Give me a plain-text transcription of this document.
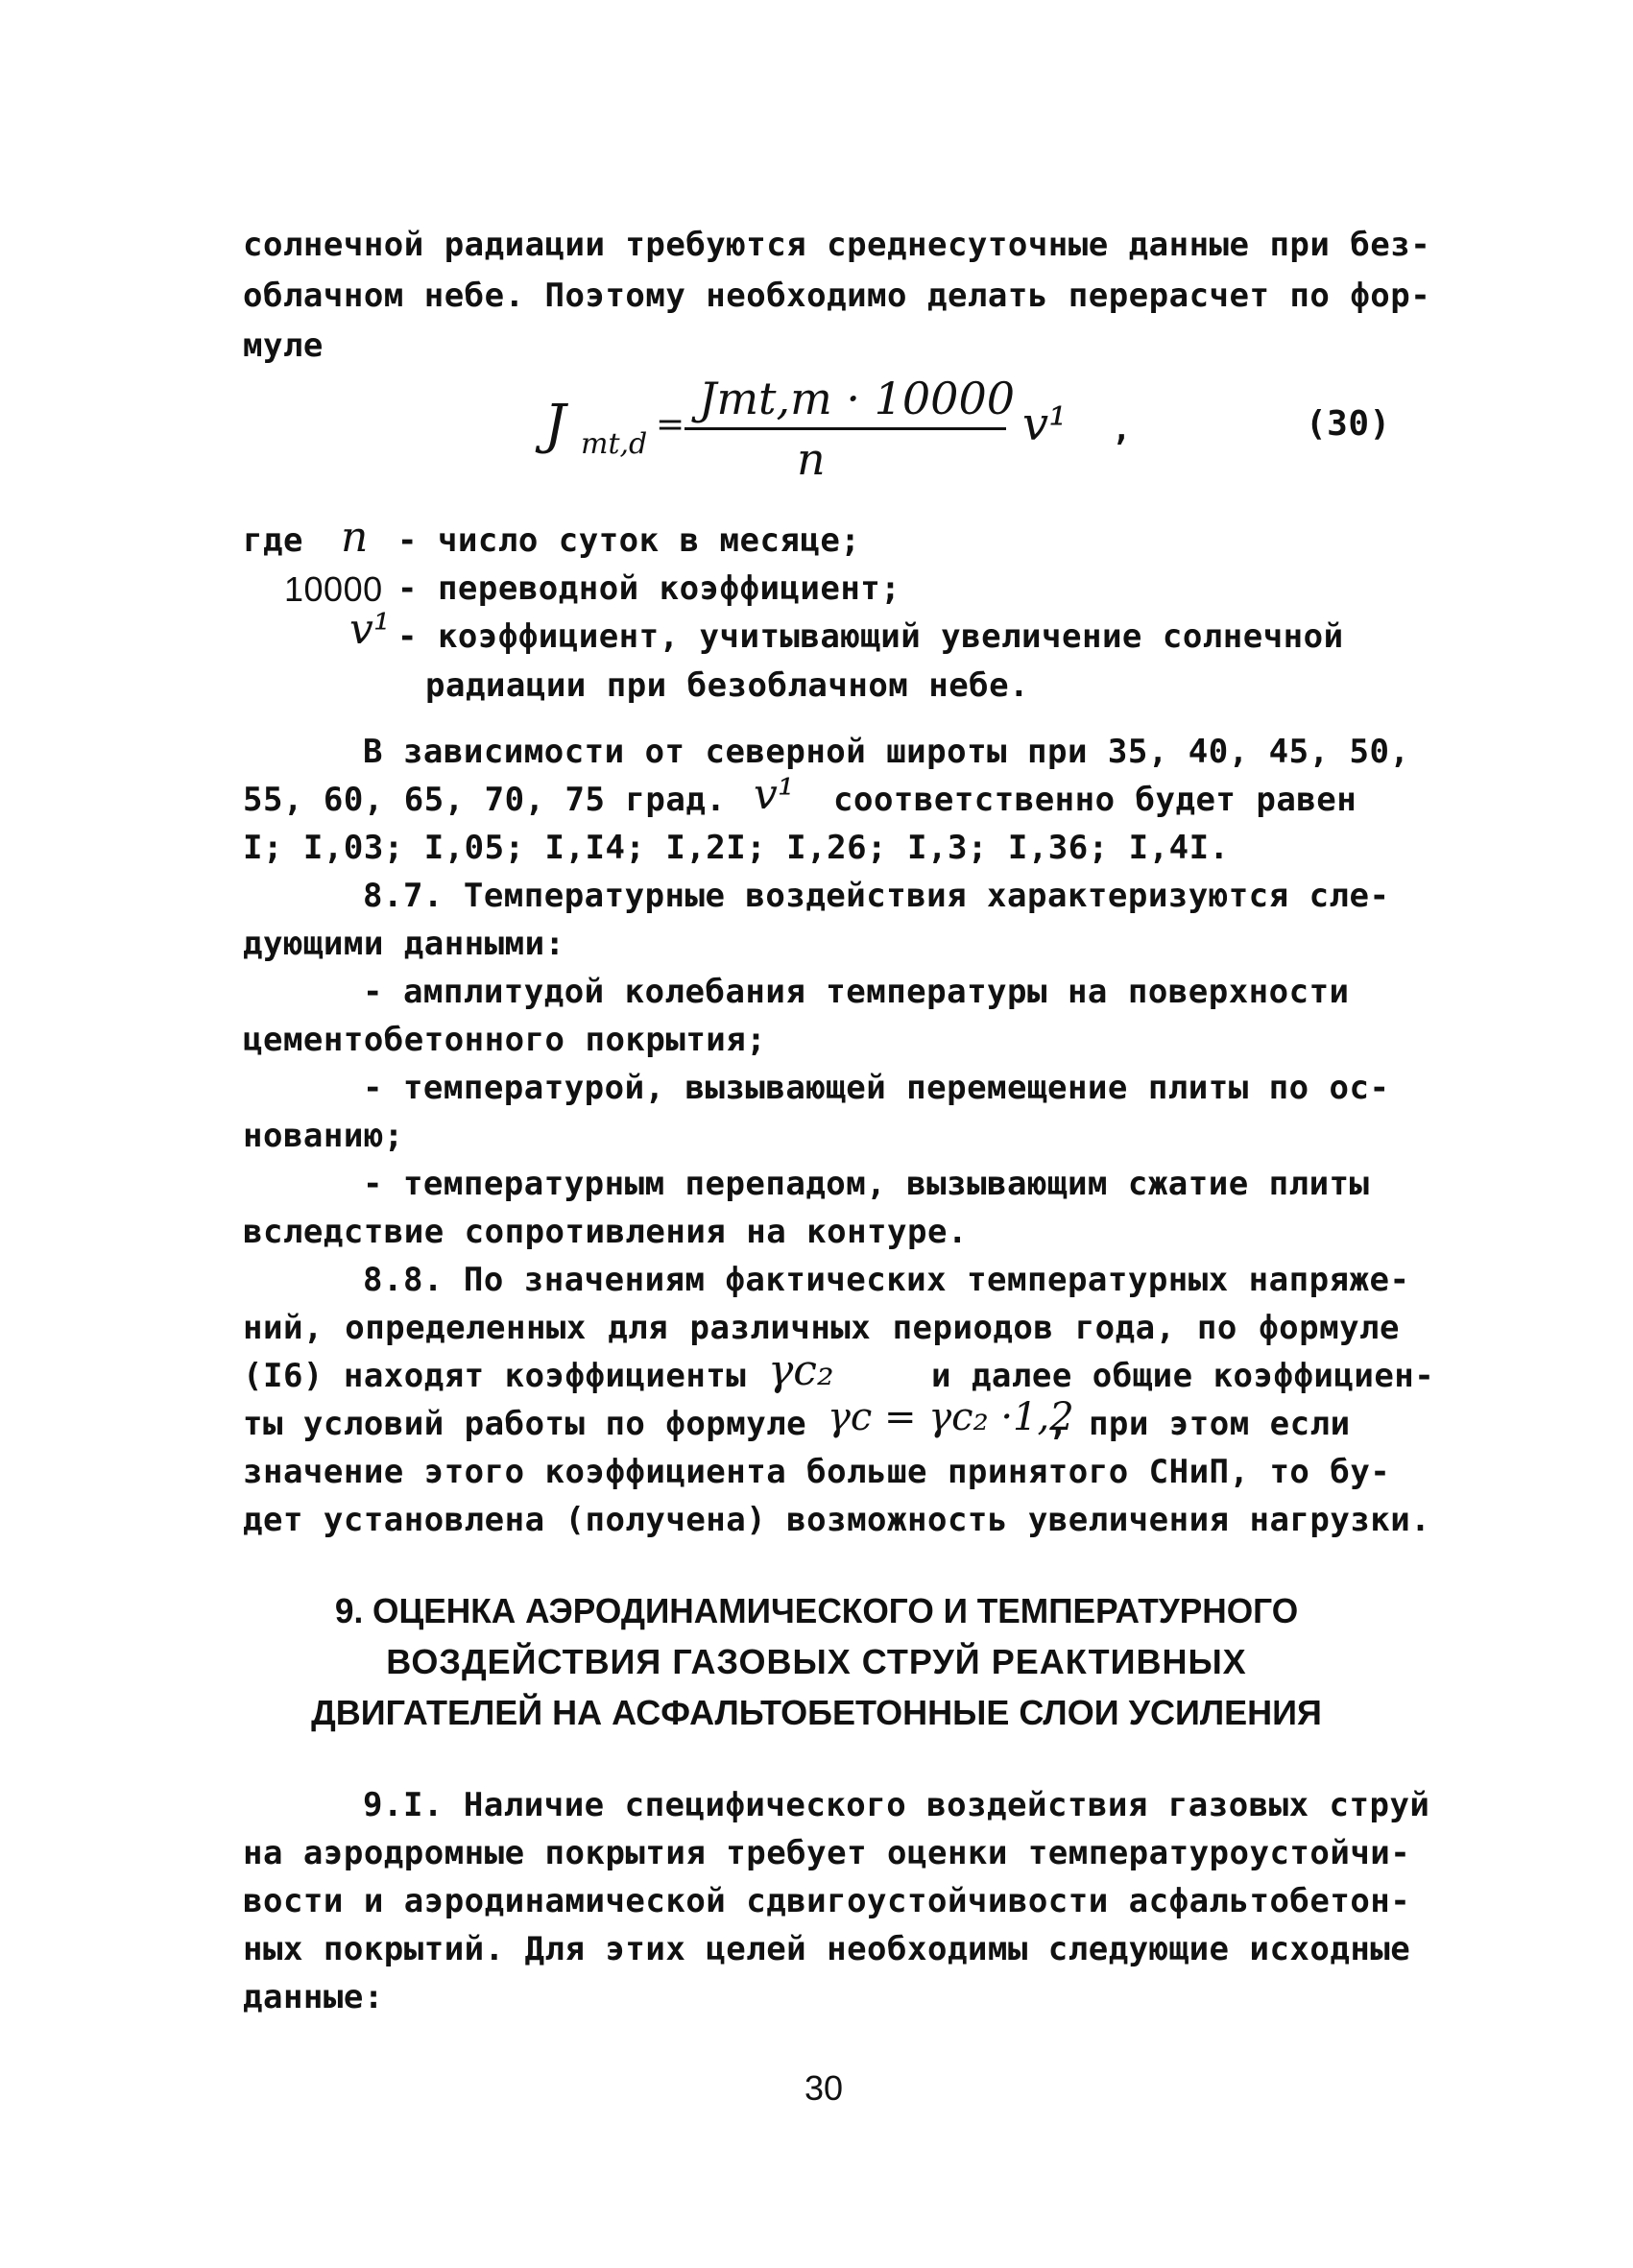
солнечной радиации требуются среднесуточные данные при без-
облачном небе. Поэтому необходимо делать перерасчет по фор-
муле
J mt,d =
Jmt,m · 10000
n
v¹ ,	(30)
где n - число суток в месяце;
10000 - переводной коэффициент;
v¹ - коэффициент, учитывающий увеличение солнечной
радиации при безоблачном небе.
В зависимости от северной широты при 35, 40, 45, 50,
55, 60, 65, 70, 75 град. v¹ соответственно будет равен
I; I,03; I,05; I,I4; I,2I; I,26; I,3; I,36; I,4I.
8.7. Температурные воздействия характеризуются сле-
дующими данными:
- амплитудой колебания температуры на поверхности
цементобетонного покрытия;
- температурой, вызывающей перемещение плиты по ос-
нованию;
- температурным перепадом, вызывающим сжатие плиты
вследствие сопротивления на контуре.
8.8. По значениям фактических температурных напряже-
ний, определенных для различных периодов года, по формуле
(I6) находят коэффициенты γc₂	и далее общие коэффициен-
ты условий работы по формуле γc = γc₂ ·1,2
, при этом если
значение этого коэффициента больше принятого СНиП, то бу-
дет установлена (получена) возможность увеличения нагрузки.
9. ОЦЕНКА АЭРОДИНАМИЧЕСКОГО И ТЕМПЕРАТУРНОГО
ВОЗДЕЙСТВИЯ ГАЗОВЫХ СТРУЙ РЕАКТИВНЫХ
ДВИГАТЕЛЕЙ НА АСФАЛЬТОБЕТОННЫЕ СЛОИ УСИЛЕНИЯ
9.I. Наличие специфического воздействия газовых струй
на аэродромные покрытия требует оценки температуроустойчи-
вости и аэродинамической сдвигоустойчивости асфальтобетон-
ных покрытий. Для этих целей необходимы следующие исходные
данные:
30
